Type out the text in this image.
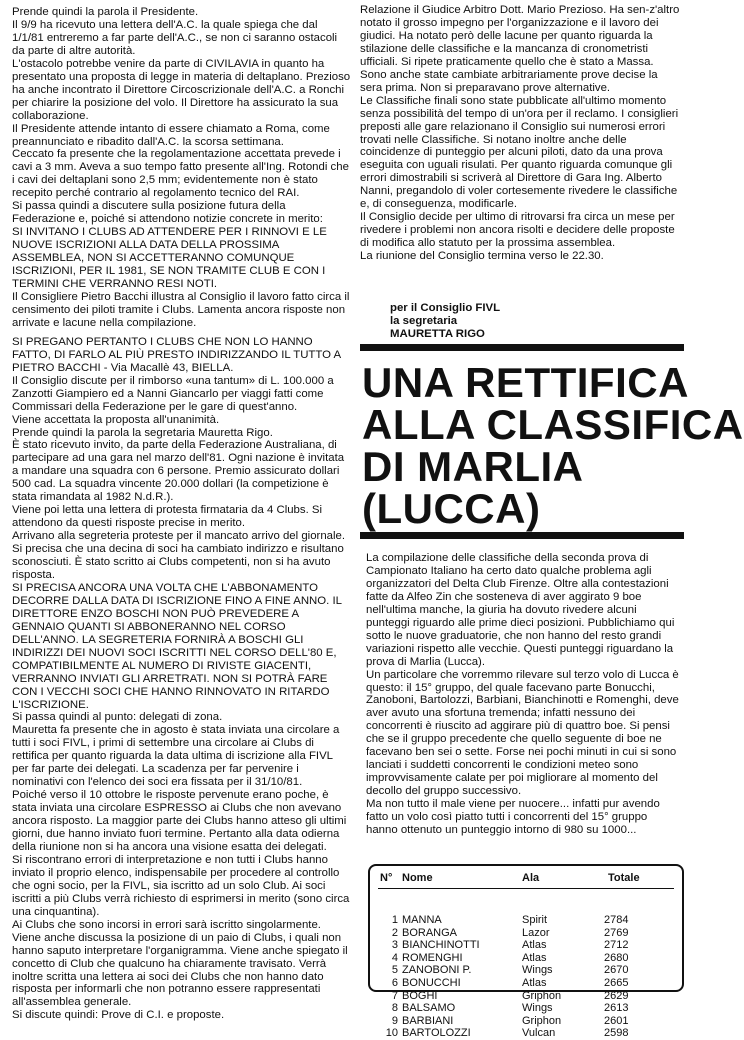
Prende quindi la parola il Presidente.

Il 9/9 ha ricevuto una lettera dell'A.C. la quale spiega che dal 1/1/81 entreremo a far parte dell'A.C., se non ci saranno ostacoli da parte di altre autorità.

L'ostacolo potrebbe venire da parte di CIVILAVIA in quanto ha presentato una proposta di legge in materia di deltaplano. Prezioso ha anche incontrato il Direttore Circoscrizionale dell'A.C. a Ronchi per chiarire la posizione del volo. Il Direttore ha assicurato la sua collaborazione.

Il Presidente attende intanto di essere chiamato a Roma, come preannunciato e ribadito dall'A.C. la scorsa settimana.

Ceccato fa presente che la regolamentazione accettata prevede i cavi a 3 mm. Aveva a suo tempo fatto presente all'Ing. Rotondi che i cavi dei deltaplani sono 2,5 mm; evidentemente non è stato recepito perché contrario al regolamento tecnico del RAI.

Si passa quindi a discutere sulla posizione futura della Federazione e, poiché si attendono notizie concrete in merito:

SI INVITANO I CLUBS AD ATTENDERE PER I RINNOVI E LE NUOVE ISCRIZIONI ALLA DATA DELLA PROSSIMA ASSEMBLEA, NON SI ACCETTERANNO COMUNQUE ISCRIZIONI, PER IL 1981, SE NON TRAMITE CLUB E CON I TERMINI CHE VERRANNO RESI NOTI.

Il Consigliere Pietro Bacchi illustra al Consiglio il lavoro fatto circa il censimento dei piloti tramite i Clubs. Lamenta ancora risposte non arrivate e lacune nella compilazione.

SI PREGANO PERTANTO I CLUBS CHE NON LO HANNO FATTO, DI FARLO AL PIÙ PRESTO INDIRIZZANDO IL TUTTO A PIETRO BACCHI - Via Macallè 43, BIELLA.

Il Consiglio discute per il rimborso «una tantum» di L. 100.000 a Zanzotti Giampiero ed a Nanni Giancarlo per viaggi fatti come Commissari della Federazione per le gare di quest'anno.

Viene accettata la proposta all'unanimità.

Prende quindi la parola la segretaria Mauretta Rigo.

È stato ricevuto invito, da parte della Federazione Australiana, di partecipare ad una gara nel marzo dell'81. Ogni nazione è invitata a mandare una squadra con 6 persone. Premio assicurato dollari 500 cad. La squadra vincente 20.000 dollari (la competizione è stata rimandata al 1982 N.d.R.).

Viene poi letta una lettera di protesta firmataria da 4 Clubs. Si attendono da questi risposte precise in merito.

Arrivano alla segreteria proteste per il mancato arrivo del giornale. Si precisa che una decina di soci ha cambiato indirizzo e risultano sconosciuti. È stato scritto ai Clubs competenti, non si ha avuto risposta.

SI PRECISA ANCORA UNA VOLTA CHE L'ABBONAMENTO DECORRE DALLA DATA DI ISCRIZIONE FINO A FINE ANNO. IL DIRETTORE ENZO BOSCHI NON PUÒ PREVEDERE A GENNAIO QUANTI SI ABBONERANNO NEL CORSO DELL'ANNO. LA SEGRETERIA FORNIRÀ A BOSCHI GLI INDIRIZZI DEI NUOVI SOCI ISCRITTI NEL CORSO DELL'80 E, COMPATIBILMENTE AL NUMERO DI RIVISTE GIACENTI, VERRANNO INVIATI GLI ARRETRATI. NON SI POTRÀ FARE CON I VECCHI SOCI CHE HANNO RINNOVATO IN RITARDO L'ISCRIZIONE.

Si passa quindi al punto: delegati di zona.

Mauretta fa presente che in agosto è stata inviata una circolare a tutti i soci FIVL, i primi di settembre una circolare ai Clubs di rettifica per quanto riguarda la data ultima di iscrizione alla FIVL per far parte dei delegati. La scadenza per far pervenire i nominativi con l'elenco dei soci era fissata per il 31/10/81.

Poiché verso il 10 ottobre le risposte pervenute erano poche, è stata inviata una circolare ESPRESSO ai Clubs che non avevano ancora risposto. La maggior parte dei Clubs hanno atteso gli ultimi giorni, due hanno inviato fuori termine. Pertanto alla data odierna della riunione non si ha ancora una visione esatta dei delegati.

Si riscontrano errori di interpretazione e non tutti i Clubs hanno inviato il proprio elenco, indispensabile per procedere al controllo che ogni socio, per la FIVL, sia iscritto ad un solo Club. Ai soci iscritti a più Clubs verrà richiesto di esprimersi in merito (sono circa una cinquantina).

Ai Clubs che sono incorsi in errori sarà iscritto singolarmente. Viene anche discussa la posizione di un paio di Clubs, i quali non hanno saputo interpretare l'organigramma. Viene anche spiegato il concetto di Club che qualcuno ha chiaramente travisato. Verrà inoltre scritta una lettera ai soci dei Clubs che non hanno dato risposta per informarli che non potranno essere rappresentati all'assemblea generale.

Si discute quindi: Prove di C.I. e proposte.

Relazione il Giudice Arbitro Dott. Mario Prezioso. Ha sen-z'altro notato il grosso impegno per l'organizzazione e il lavoro dei giudici. Ha notato però delle lacune per quanto riguarda la stilazione delle classifiche e la mancanza di cronometristi ufficiali. Si ripete praticamente quello che è stato a Massa.

Sono anche state cambiate arbitrariamente prove decise la sera prima. Non si preparavano prove alternative.

Le Classifiche finali sono state pubblicate all'ultimo momento senza possibilità del tempo di un'ora per il reclamo. I consiglieri preposti alle gare relazionano il Consiglio sui numerosi errori trovati nelle Classifiche. Si notano inoltre anche delle coincidenze di punteggio per alcuni piloti, dato da una prova eseguita con uguali risulati. Per quanto riguarda comunque gli errori dimostrabili si scriverà al Direttore di Gara Ing. Alberto Nanni, pregandolo di voler cortesemente rivedere le classifiche e, di conseguenza, modificarle.

Il Consiglio decide per ultimo di ritrovarsi fra circa un mese per rivedere i problemi non ancora risolti e decidere delle proposte di modifica allo statuto per la prossima assemblea.

La riunione del Consiglio termina verso le 22.30.

per il Consiglio FIVL
la segretaria
MAURETTA RIGO
UNA RETTIFICA
ALLA CLASSIFICA
DI MARLIA
(LUCCA)

La compilazione delle classifiche della seconda prova di Campionato Italiano ha certo dato qualche problema agli organizzatori del Delta Club Firenze. Oltre alla contestazioni fatte da Alfeo Zin che sosteneva di aver aggirato 9 boe nell'ultima manche, la giuria ha dovuto rivedere alcuni punteggi riguardo alle prime dieci posizioni. Pubblichiamo qui sotto le nuove graduatorie, che non hanno del resto grandi variazioni rispetto alle vecchie. Questi punteggi riguardano la prova di Marlia (Lucca).

Un particolare che vorremmo rilevare sul terzo volo di Lucca è questo: il 15° gruppo, del quale facevano parte Bonucchi, Zanoboni, Bartolozzi, Barbiani, Bianchinotti e Romenghi, deve aver avuto una sfortuna tremenda; infatti nessuno dei concorrenti è riuscito ad aggirare più di quattro boe. Si pensi che se il gruppo precedente che quello seguente di boe ne facevano ben sei o sette. Forse nei pochi minuti in cui si sono lanciati i suddetti concorrenti le condizioni meteo sono improvvisamente calate per poi migliorare al momento del decollo del gruppo successivo.

Ma non tutto il male viene per nuocere... infatti pur avendo fatto un volo così piatto tutti i concorrenti del 15° gruppo hanno ottenuto un punteggio intorno di 980 su 1000...

N° Nome	Ala	Totale
1 MANNA	Spirit	2784
2 BORANGA	Lazor	2769
3 BIANCHINOTTI	Atlas	2712
4 ROMENGHI	Atlas	2680
5 ZANOBONI P.	Wings	2670
6 BONUCCHI	Atlas	2665
7 BOGHI	Griphon	2629
8 BALSAMO	Wings	2613
9 BARBIANI	Griphon	2601
10 BARTOLOZZI	Vulcan	2598
